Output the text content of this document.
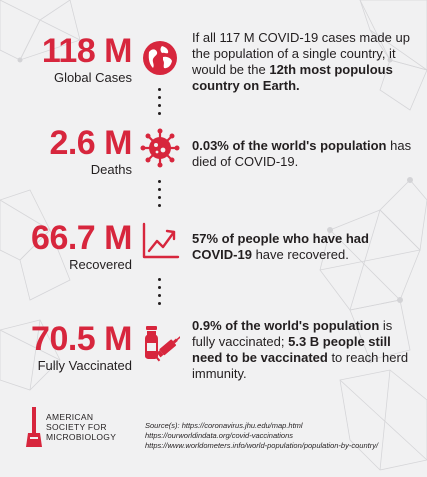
118 M
Global Cases
If all 117 M COVID-19 cases made up the population of a single country, it would be the 12th most populous country on Earth.
2.6 M
Deaths
0.03% of the world's population has died of COVID-19.
66.7 M
Recovered
57% of people who have had COVID-19 have recovered.
70.5 M
Fully Vaccinated
0.9% of the world's population is fully vaccinated; 5.3 B people still need to be vaccinated to reach herd immunity.
AMERICAN
SOCIETY FOR
MICROBIOLOGY
Source(s): https://coronavirus.jhu.edu/map.html
https://ourworldindata.org/covid-vaccinations
https://www.worldometers.info/world-population/population-by-country/
